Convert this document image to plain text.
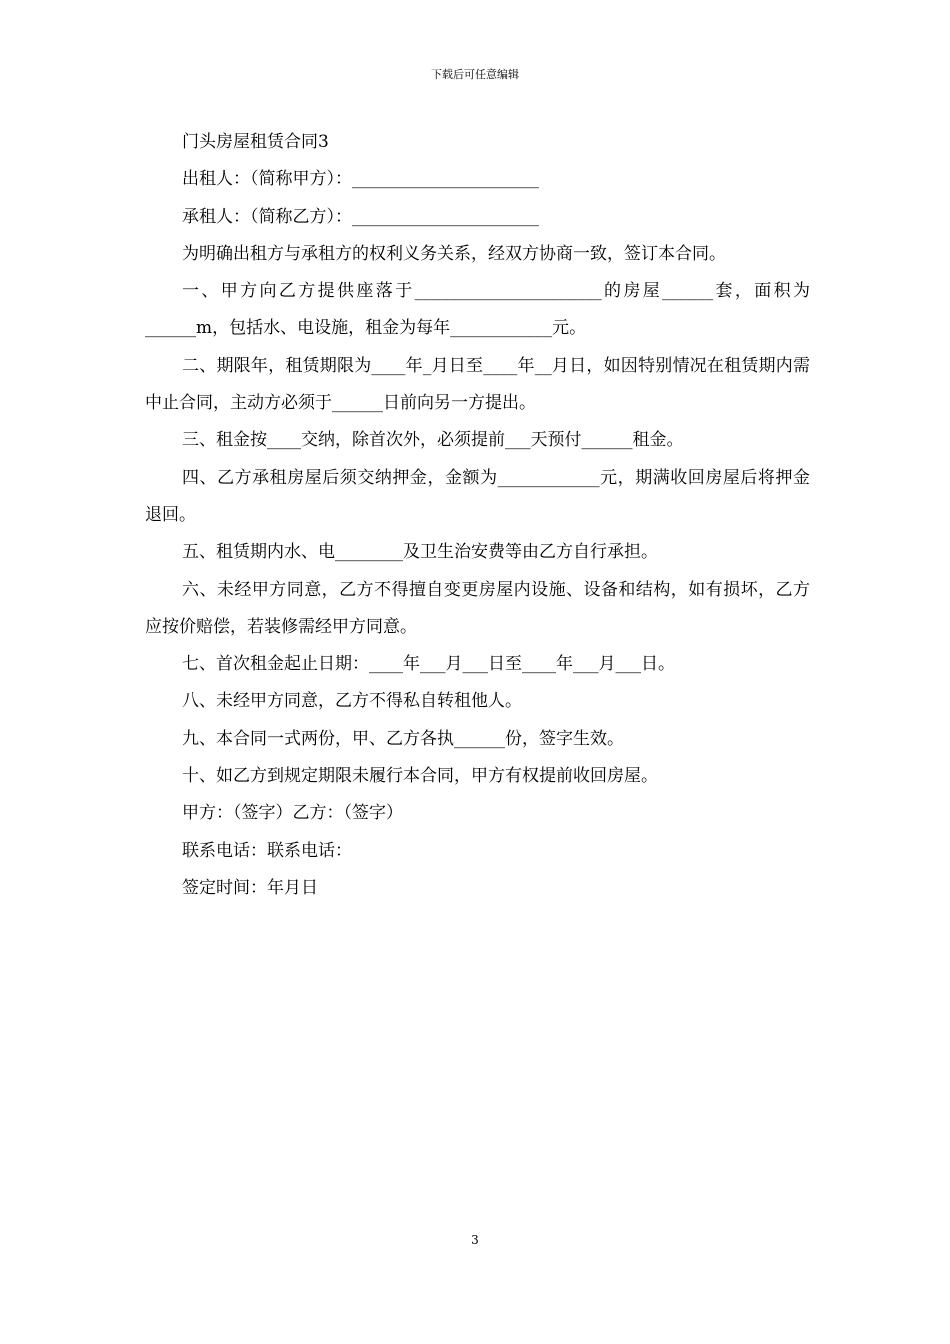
下载后可任意编辑

门头房屋租赁合同3

出租人：（简称甲方）：______________________

承租人：（简称乙方）：______________________

为明确出租方与承租方的权利义务关系，经双方协商一致，签订本合同。

一、甲方向乙方提供座落于______________________的房屋______套，面积为______m，包括水、电设施，租金为每年____________元。

二、期限年，租赁期限为____年_月日至____年__月日，如因特别情况在租赁期内需中止合同，主动方必须于______日前向另一方提出。

三、租金按____交纳，除首次外，必须提前___天预付______租金。

四、乙方承租房屋后须交纳押金，金额为____________元，期满收回房屋后将押金退回。

五、租赁期内水、电________及卫生治安费等由乙方自行承担。

六、未经甲方同意，乙方不得擅自变更房屋内设施、设备和结构，如有损坏，乙方应按价赔偿，若装修需经甲方同意。

七、首次租金起止日期：____年___月___日至____年___月___日。

八、未经甲方同意，乙方不得私自转租他人。

九、本合同一式两份，甲、乙方各执______份，签字生效。

十、如乙方到规定期限未履行本合同，甲方有权提前收回房屋。

甲方：（签字）乙方：（签字）

联系电话：联系电话：

签定时间：年月日

3
